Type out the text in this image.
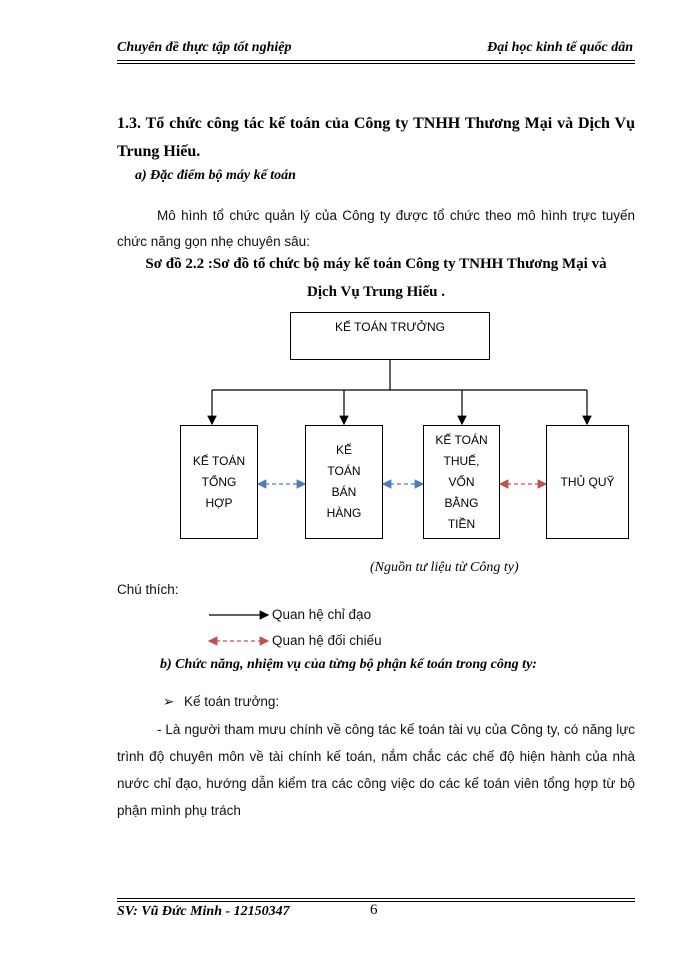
Chuyên đề thực tập tốt nghiệp	Đại học kinh tế quốc dân
1.3. Tổ chức công tác kế toán của Công ty TNHH Thương Mại và Dịch Vụ Trung Hiếu.
a) Đặc điểm bộ máy kế toán
Mô hình tổ chức quản lý của Công ty được tổ chức theo mô hình trực tuyến chức năng gọn nhẹ chuyên sâu:
Sơ đồ 2.2 :Sơ đồ tổ chức bộ máy kế toán Công ty TNHH Thương Mại và
Dịch Vụ Trung Hiếu .
KẾ TOÁN TRƯỞNG
KẾ TOÁN
TỔNG
HỢP
KẾ
TOÁN
BÁN
HÀNG
KẾ TOÁN
THUẾ,
VỐN
BẰNG
TIỀN
THỦ QUỸ
(Nguồn tư liệu từ Công ty)
Chú thích:
Quan hệ chỉ đạo
Quan hệ đối chiếu
b) Chức năng, nhiệm vụ của từng bộ phận kế toán trong công ty:
➢ Kế toán trưởng:
- Là người tham mưu chính về công tác kế toán tài vụ của Công ty, có năng lực trình độ chuyên môn về tài chính kế toán, nắm chắc các chế độ hiện hành của nhà nước chỉ đạo, hướng dẫn kiểm tra các công việc do các kế toán viên tổng hợp từ bộ phận mình phụ trách
SV: Vũ Đức Minh - 12150347	6
